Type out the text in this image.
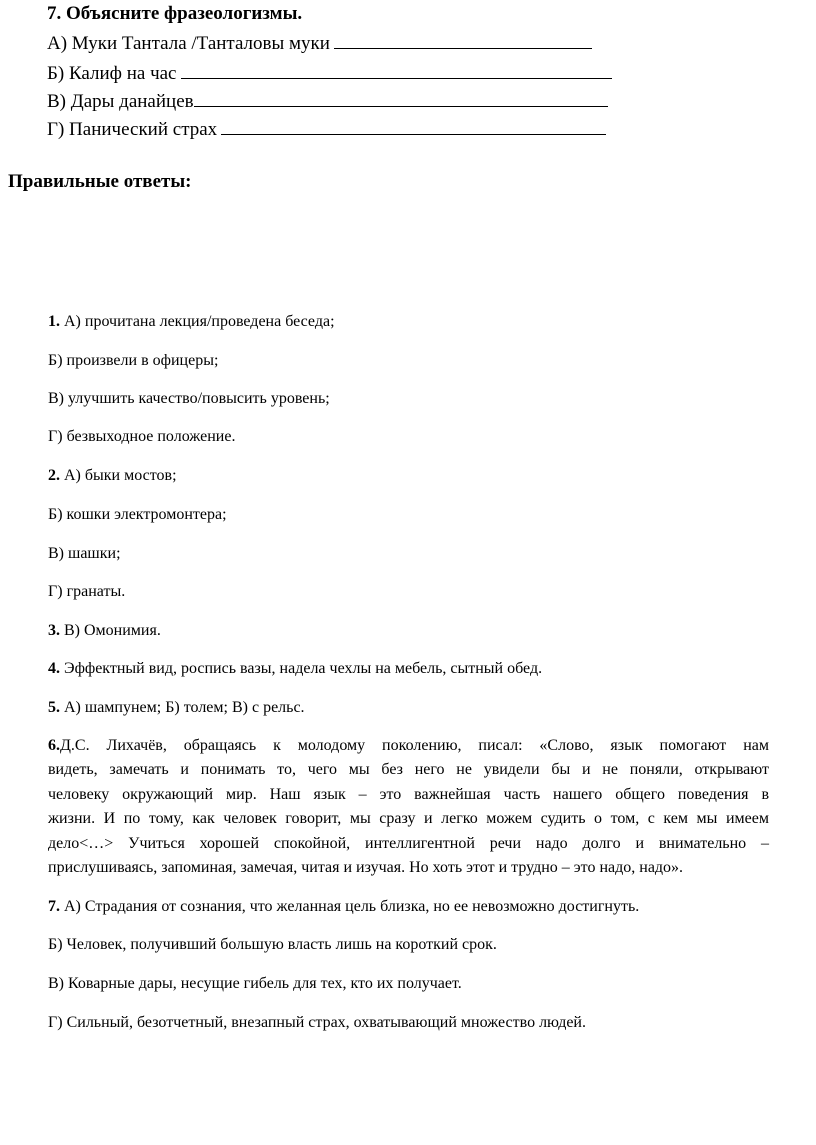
7. Объясните фразеологизмы.
А) Муки Тантала /Танталовы муки
Б) Калиф на час
В) Дары данайцев
Г) Панический страх
Правильные ответы:
1. А) прочитана лекция/проведена беседа;
Б) произвели в офицеры;
В) улучшить качество/повысить уровень;
Г) безвыходное положение.
2. А) быки мостов;
Б) кошки электромонтера;
В) шашки;
Г) гранаты.
3. В) Омонимия.
4. Эффектный вид, роспись вазы, надела чехлы на мебель, сытный обед.
5. А) шампунем; Б) толем; В) с рельс.
6.Д.С. Лихачёв, обращаясь к молодому поколению, писал: «Слово, язык помогают нам
видеть, замечать и понимать то, чего мы без него не увидели бы и не поняли, открывают
человеку окружающий мир. Наш язык – это важнейшая часть нашего общего поведения в
жизни. И по тому, как человек говорит, мы сразу и легко можем судить о том, с кем мы имеем
дело<…> Учиться хорошей спокойной, интеллигентной речи надо долго и внимательно –
прислушиваясь, запоминая, замечая, читая и изучая. Но хоть этот и трудно – это надо, надо».
7. А) Страдания от сознания, что желанная цель близка, но ее невозможно достигнуть.
Б) Человек, получивший большую власть лишь на короткий срок.
В) Коварные дары, несущие гибель для тех, кто их получает.
Г) Сильный, безотчетный, внезапный страх, охватывающий множество людей.
